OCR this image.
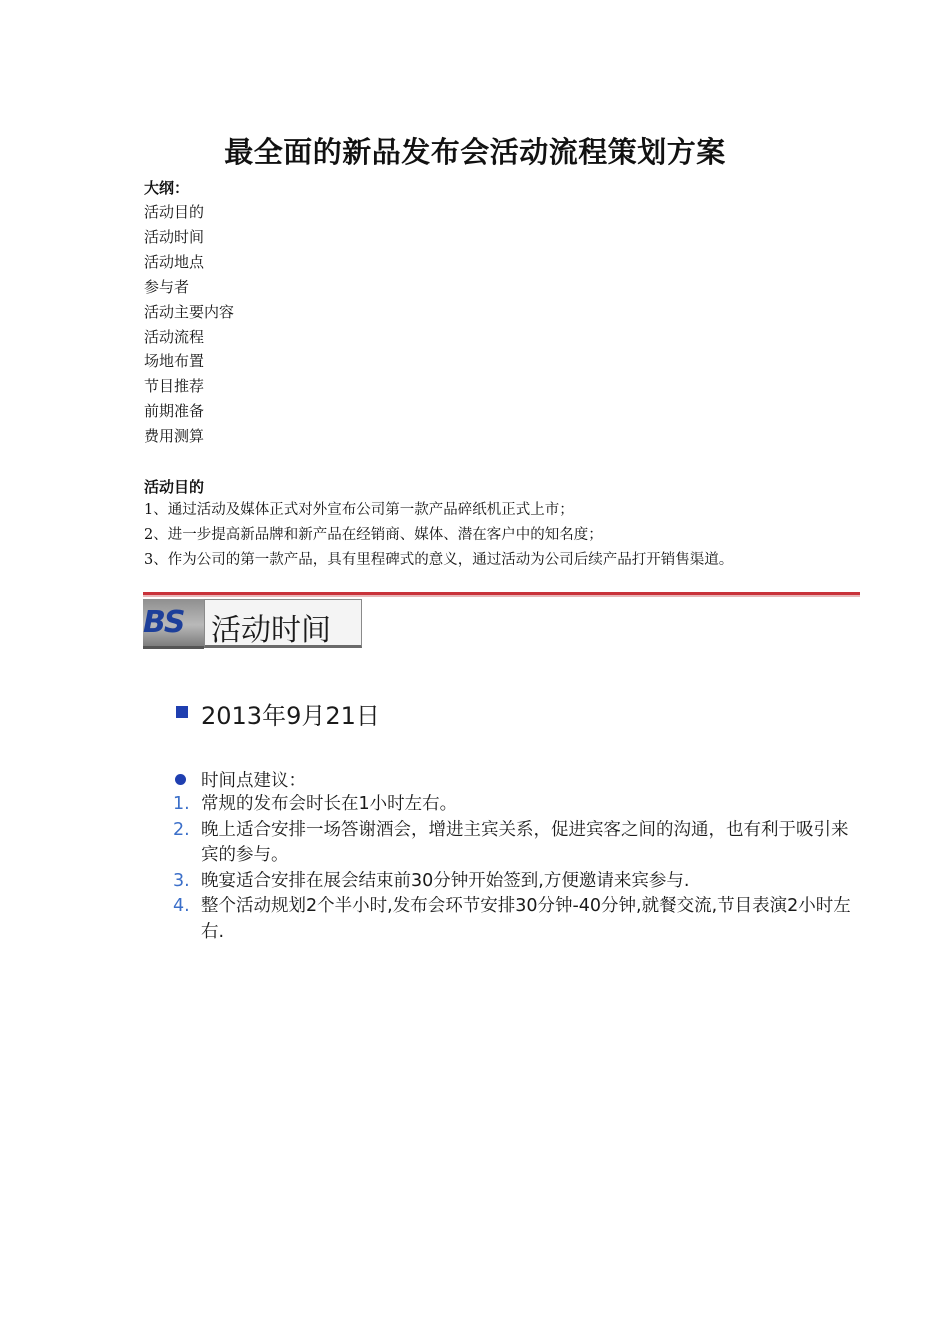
最全面的新品发布会活动流程策划方案
大纲：
活动目的
活动时间
活动地点
参与者
活动主要内容
活动流程
场地布置
节目推荐
前期准备
费用测算
活动目的
1、通过活动及媒体正式对外宣布公司第一款产品碎纸机正式上市；
2、进一步提高新品牌和新产品在经销商、媒体、潜在客户中的知名度；
3、作为公司的第一款产品，具有里程碑式的意义，通过活动为公司后续产品打开销售渠道。
BS 活动时间
2013年9月21日
时间点建议：
1. 常规的发布会时长在1小时左右。
2. 晚上适合安排一场答谢酒会，增进主宾关系，促进宾客之间的沟通，也有利于吸引来宾的参与。
3. 晚宴适合安排在展会结束前30分钟开始签到,方便邀请来宾参与.
4. 整个活动规划2个半小时,发布会环节安排30分钟-40分钟,就餐交流,节目表演2小时左右.
